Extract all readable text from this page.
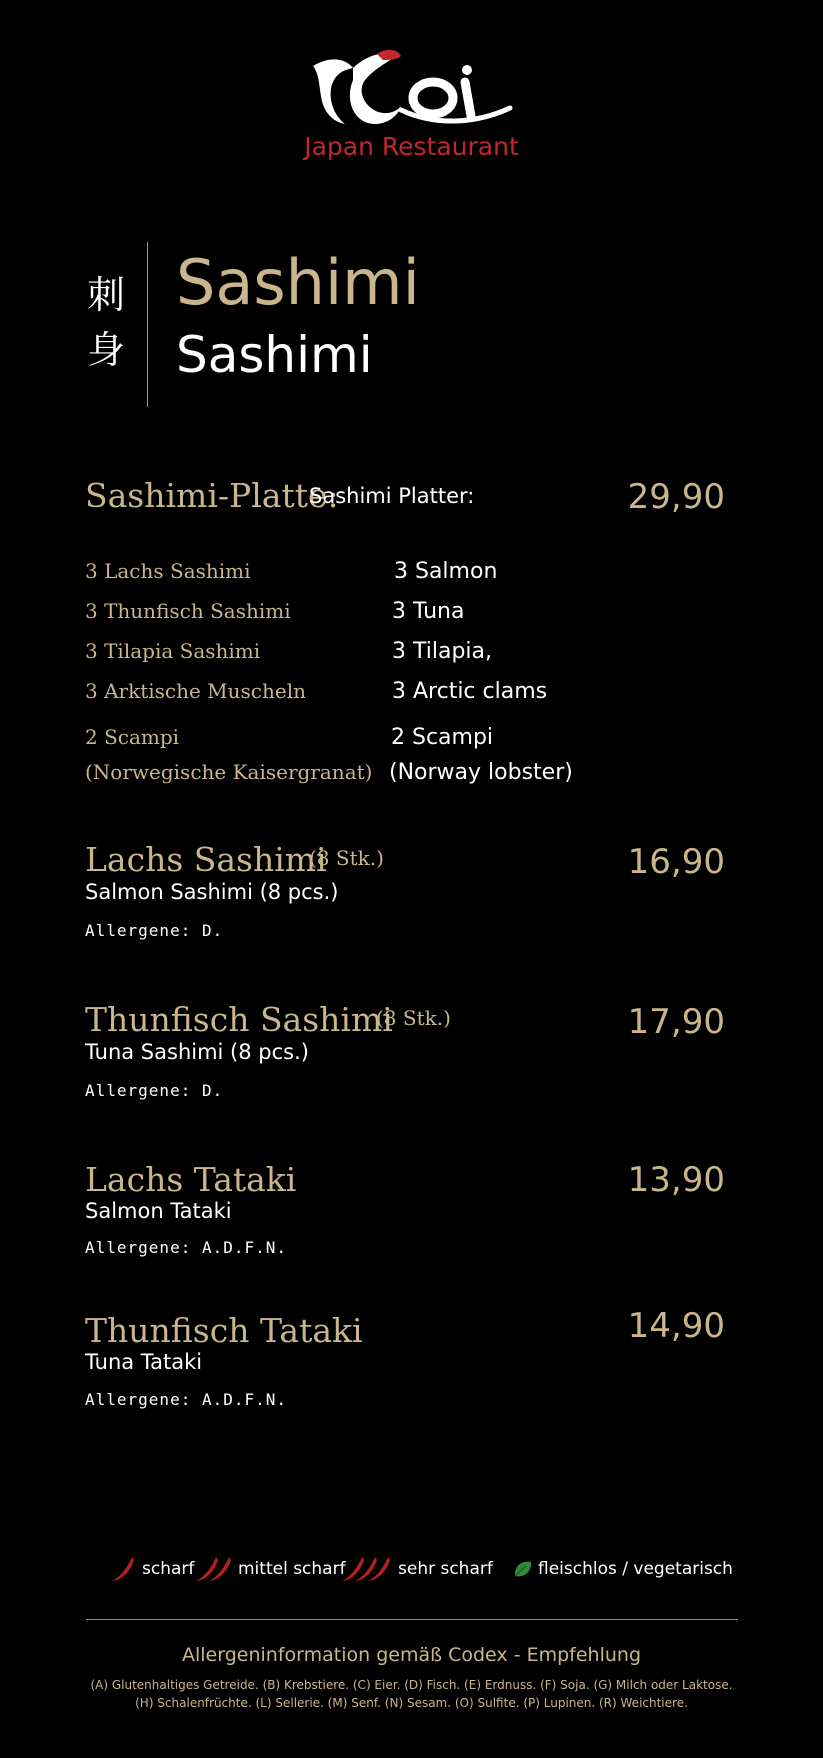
Japan Restaurant
刺
身
Sashimi
Sashimi
Sashimi-Platte:
Sashimi Platter:	29,90
3 Lachs Sashimi	3 Salmon
3 Thunfisch Sashimi	3 Tuna
3 Tilapia Sashimi	3 Tilapia,
3 Arktische Muscheln	3 Arctic clams
2 Scampi	2 Scampi
(Norwegische Kaisergranat) (Norway lobster)
Lachs Sashimi
(8 Stk.)	16,90
Salmon Sashimi (8 pcs.)
Allergene: D.
Thunfisch Sashimi
(8 Stk.)	17,90
Tuna Sashimi (8 pcs.)
Allergene: D.
Lachs Tataki	13,90
Salmon Tataki
Allergene: A.D.F.N.
Thunfisch Tataki	14,90
Tuna Tataki
Allergene: A.D.F.N.
scharf	mittel scharf	sehr scharf	fleischlos / vegetarisch
Allergeninformation gemäß Codex - Empfehlung
(A) Glutenhaltiges Getreide. (B) Krebstiere. (C) Eier. (D) Fisch. (E) Erdnuss. (F) Soja. (G) Milch oder Laktose.
(H) Schalenfrüchte. (L) Sellerie. (M) Senf. (N) Sesam. (O) Sulfite. (P) Lupinen. (R) Weichtiere.
